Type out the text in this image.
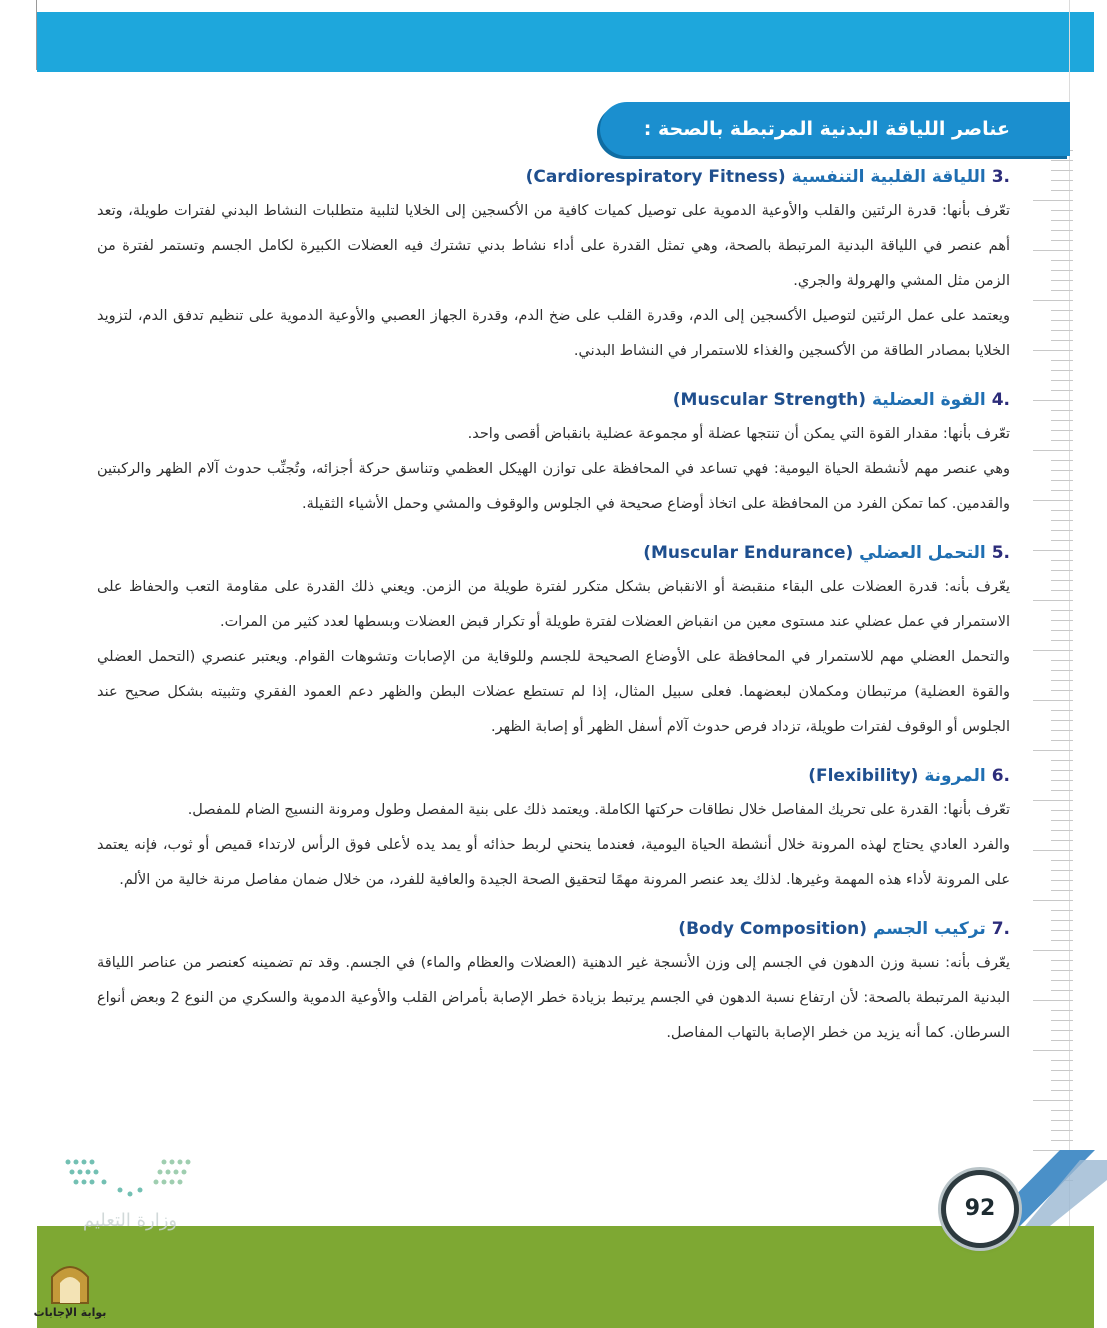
عناصر اللياقة البدنية المرتبطة بالصحة :
.3 اللياقة القلبية التنفسية (Cardiorespiratory Fitness)

تعّرف بأنها: قدرة الرئتين والقلب والأوعية الدموية على توصيل كميات كافية من الأكسجين إلى الخلايا لتلبية متطلبات النشاط البدني لفترات طويلة، وتعد أهم عنصر في اللياقة البدنية المرتبطة بالصحة، وهي تمثل القدرة على أداء نشاط بدني تشترك فيه العضلات الكبيرة لكامل الجسم وتستمر لفترة من الزمن مثل المشي والهرولة والجري.

ويعتمد على عمل الرئتين لتوصيل الأكسجين إلى الدم، وقدرة القلب على ضخ الدم، وقدرة الجهاز العصبي والأوعية الدموية على تنظيم تدفق الدم، لتزويد الخلايا بمصادر الطاقة من الأكسجين والغذاء للاستمرار في النشاط البدني.

.4 القوة العضلية (Muscular Strength)

تعّرف بأنها: مقدار القوة التي يمكن أن تنتجها عضلة أو مجموعة عضلية بانقباض أقصى واحد.

وهي عنصر مهم لأنشطة الحياة اليومية: فهي تساعد في المحافظة على توازن الهيكل العظمي وتناسق حركة أجزائه، وتُجنِّب حدوث آلام الظهر والركبتين والقدمين. كما تمكن الفرد من المحافظة على اتخاذ أوضاع صحيحة في الجلوس والوقوف والمشي وحمل الأشياء الثقيلة.

.5 التحمل العضلي (Muscular Endurance)

يعّرف بأنه: قدرة العضلات على البقاء منقبضة أو الانقباض بشكل متكرر لفترة طويلة من الزمن. ويعني ذلك القدرة على مقاومة التعب والحفاظ على الاستمرار في عمل عضلي عند مستوى معين من انقباض العضلات لفترة طويلة أو تكرار قبض العضلات وبسطها لعدد كثير من المرات.

والتحمل العضلي مهم للاستمرار في المحافظة على الأوضاع الصحيحة للجسم وللوقاية من الإصابات وتشوهات القوام. ويعتبر عنصري (التحمل العضلي والقوة العضلية) مرتبطان ومكملان لبعضهما. فعلى سبيل المثال، إذا لم تستطع عضلات البطن والظهر دعم العمود الفقري وتثبيته بشكل صحيح عند الجلوس أو الوقوف لفترات طويلة، تزداد فرص حدوث آلام أسفل الظهر أو إصابة الظهر.

.6 المرونة (Flexibility)

تعّرف بأنها: القدرة على تحريك المفاصل خلال نطاقات حركتها الكاملة. ويعتمد ذلك على بنية المفصل وطول ومرونة النسيج الضام للمفصل.

والفرد العادي يحتاج لهذه المرونة خلال أنشطة الحياة اليومية، فعندما ينحني لربط حذائه أو يمد يده لأعلى فوق الرأس لارتداء قميص أو ثوب، فإنه يعتمد على المرونة لأداء هذه المهمة وغيرها. لذلك يعد عنصر المرونة مهمًا لتحقيق الصحة الجيدة والعافية للفرد، من خلال ضمان مفاصل مرنة خالية من الألم.

.7 تركيب الجسم (Body Composition)

يعّرف بأنه: نسبة وزن الدهون في الجسم إلى وزن الأنسجة غير الدهنية (العضلات والعظام والماء) في الجسم. وقد تم تضمينه كعنصر من عناصر اللياقة البدنية المرتبطة بالصحة: لأن ارتفاع نسبة الدهون في الجسم يرتبط بزيادة خطر الإصابة بأمراض القلب والأوعية الدموية والسكري من النوع 2 وبعض أنواع السرطان. كما أنه يزيد من خطر الإصابة بالتهاب المفاصل.

92
وزارة التعليم
بوابة الإجابات
